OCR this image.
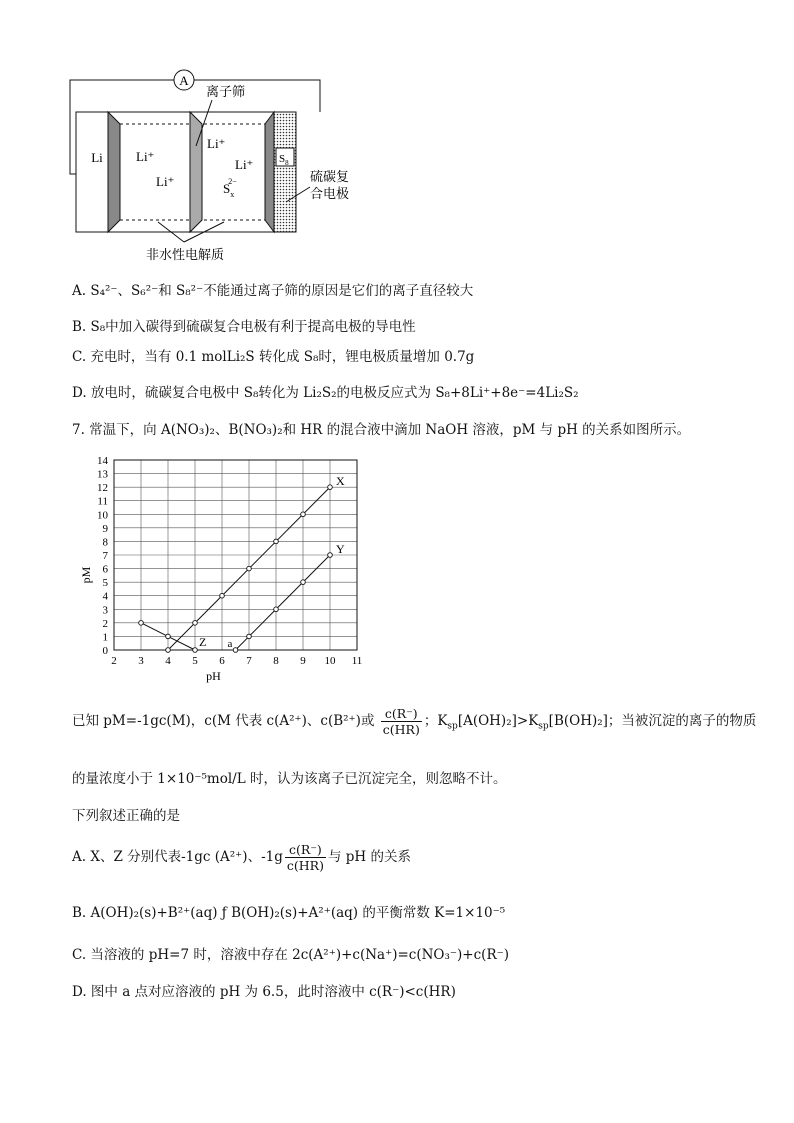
A
Li	$S_8$
Li⁺
Li⁺
Li⁺
Li⁺
$S_x2-$
离子筛
硫碳复
合电极
非水性电解质
A. S₄²⁻、S₆²⁻和 S₈²⁻不能通过离子筛的原因是它们的离子直径较大
B. S₈中加入碳得到硫碳复合电极有利于提高电极的导电性
C. 充电时，当有 0.1 molLi₂S 转化成 S₈时，锂电极质量增加 0.7g
D. 放电时，硫碳复合电极中 S₈转化为 Li₂S₂的电极反应式为 S₈+8Li⁺+8e⁻=4Li₂S₂
7. 常温下，向 A(NO₃)₂、B(NO₃)₂和 HR 的混合液中滴加 NaOH 溶液，pM 与 pH 的关系如图所示。
2 3 4 5 6 7 8 9 10 11
0
1
2
3
4
5
6
7
8
9
10
11
12
13
14
pH
pM
X
Y
Z a
已知 pM=-1gc(M)，c(M 代表 c(A²⁺)、c(B²⁺)或 $\frac{c(R^-)}{c(HR)}$ ；$K_{sp}[A(OH)_2]>K_{sp}[B(OH)_2]$；当被沉淀的离子的物质
的量浓度小于 1×10⁻⁵mol/L 时，认为该离子已沉淀完全，则忽略不计。
下列叙述正确的是
A. X、Z 分别代表-1gc (A²⁺)、$-1g \frac{c(R^-)}{c(HR)}$ 与 pH 的关系
B. A(OH)₂(s)+B²⁺(aq) ƒ B(OH)₂(s)+A²⁺(aq) 的平衡常数 K=1×10⁻⁵
C. 当溶液的 pH=7 时，溶液中存在 2c(A²⁺)+c(Na⁺)=c(NO₃⁻)+c(R⁻)
D. 图中 a 点对应溶液的 pH 为 6.5，此时溶液中 c(R⁻)<c(HR)
